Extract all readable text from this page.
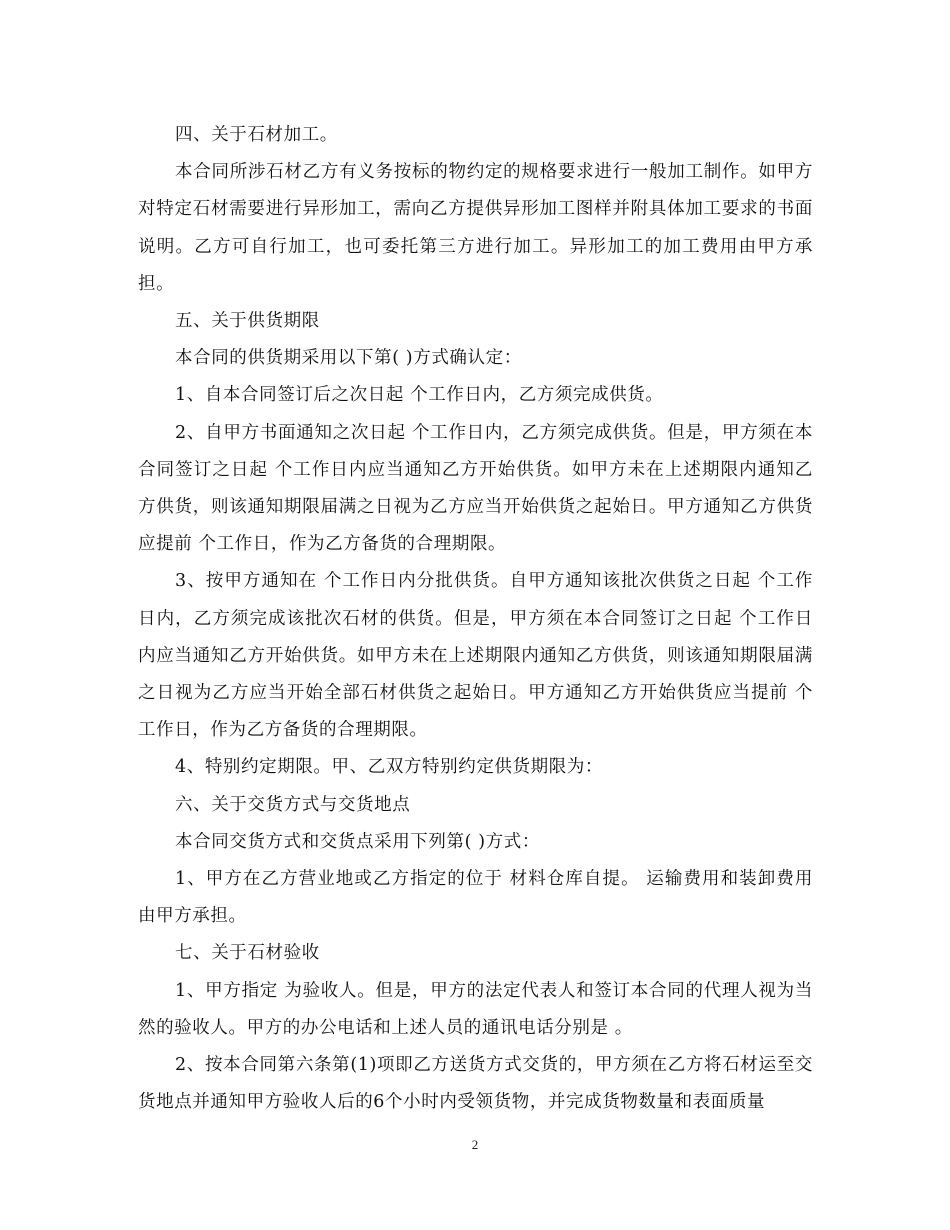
四、关于石材加工。

本合同所涉石材乙方有义务按标的物约定的规格要求进行一般加工制作。如甲方对特定石材需要进行异形加工，需向乙方提供异形加工图样并附具体加工要求的书面说明。乙方可自行加工，也可委托第三方进行加工。异形加工的加工费用由甲方承担。

五、关于供货期限

本合同的供货期采用以下第( )方式确认定：

1、自本合同签订后之次日起 个工作日内，乙方须完成供货。

2、自甲方书面通知之次日起 个工作日内，乙方须完成供货。但是，甲方须在本合同签订之日起 个工作日内应当通知乙方开始供货。如甲方未在上述期限内通知乙方供货，则该通知期限届满之日视为乙方应当开始供货之起始日。甲方通知乙方供货应提前 个工作日，作为乙方备货的合理期限。

3、按甲方通知在 个工作日内分批供货。自甲方通知该批次供货之日起 个工作日内，乙方须完成该批次石材的供货。但是，甲方须在本合同签订之日起 个工作日内应当通知乙方开始供货。如甲方未在上述期限内通知乙方供货，则该通知期限届满之日视为乙方应当开始全部石材供货之起始日。甲方通知乙方开始供货应当提前 个工作日，作为乙方备货的合理期限。

4、特别约定期限。甲、乙双方特别约定供货期限为：

六、关于交货方式与交货地点

本合同交货方式和交货点采用下列第( )方式：

1、甲方在乙方营业地或乙方指定的位于 材料仓库自提。 运输费用和装卸费用由甲方承担。

七、关于石材验收

1、甲方指定 为验收人。但是，甲方的法定代表人和签订本合同的代理人视为当然的验收人。甲方的办公电话和上述人员的通讯电话分别是 。

2、按本合同第六条第(1)项即乙方送货方式交货的，甲方须在乙方将石材运至交货地点并通知甲方验收人后的6个小时内受领货物，并完成货物数量和表面质量

2
